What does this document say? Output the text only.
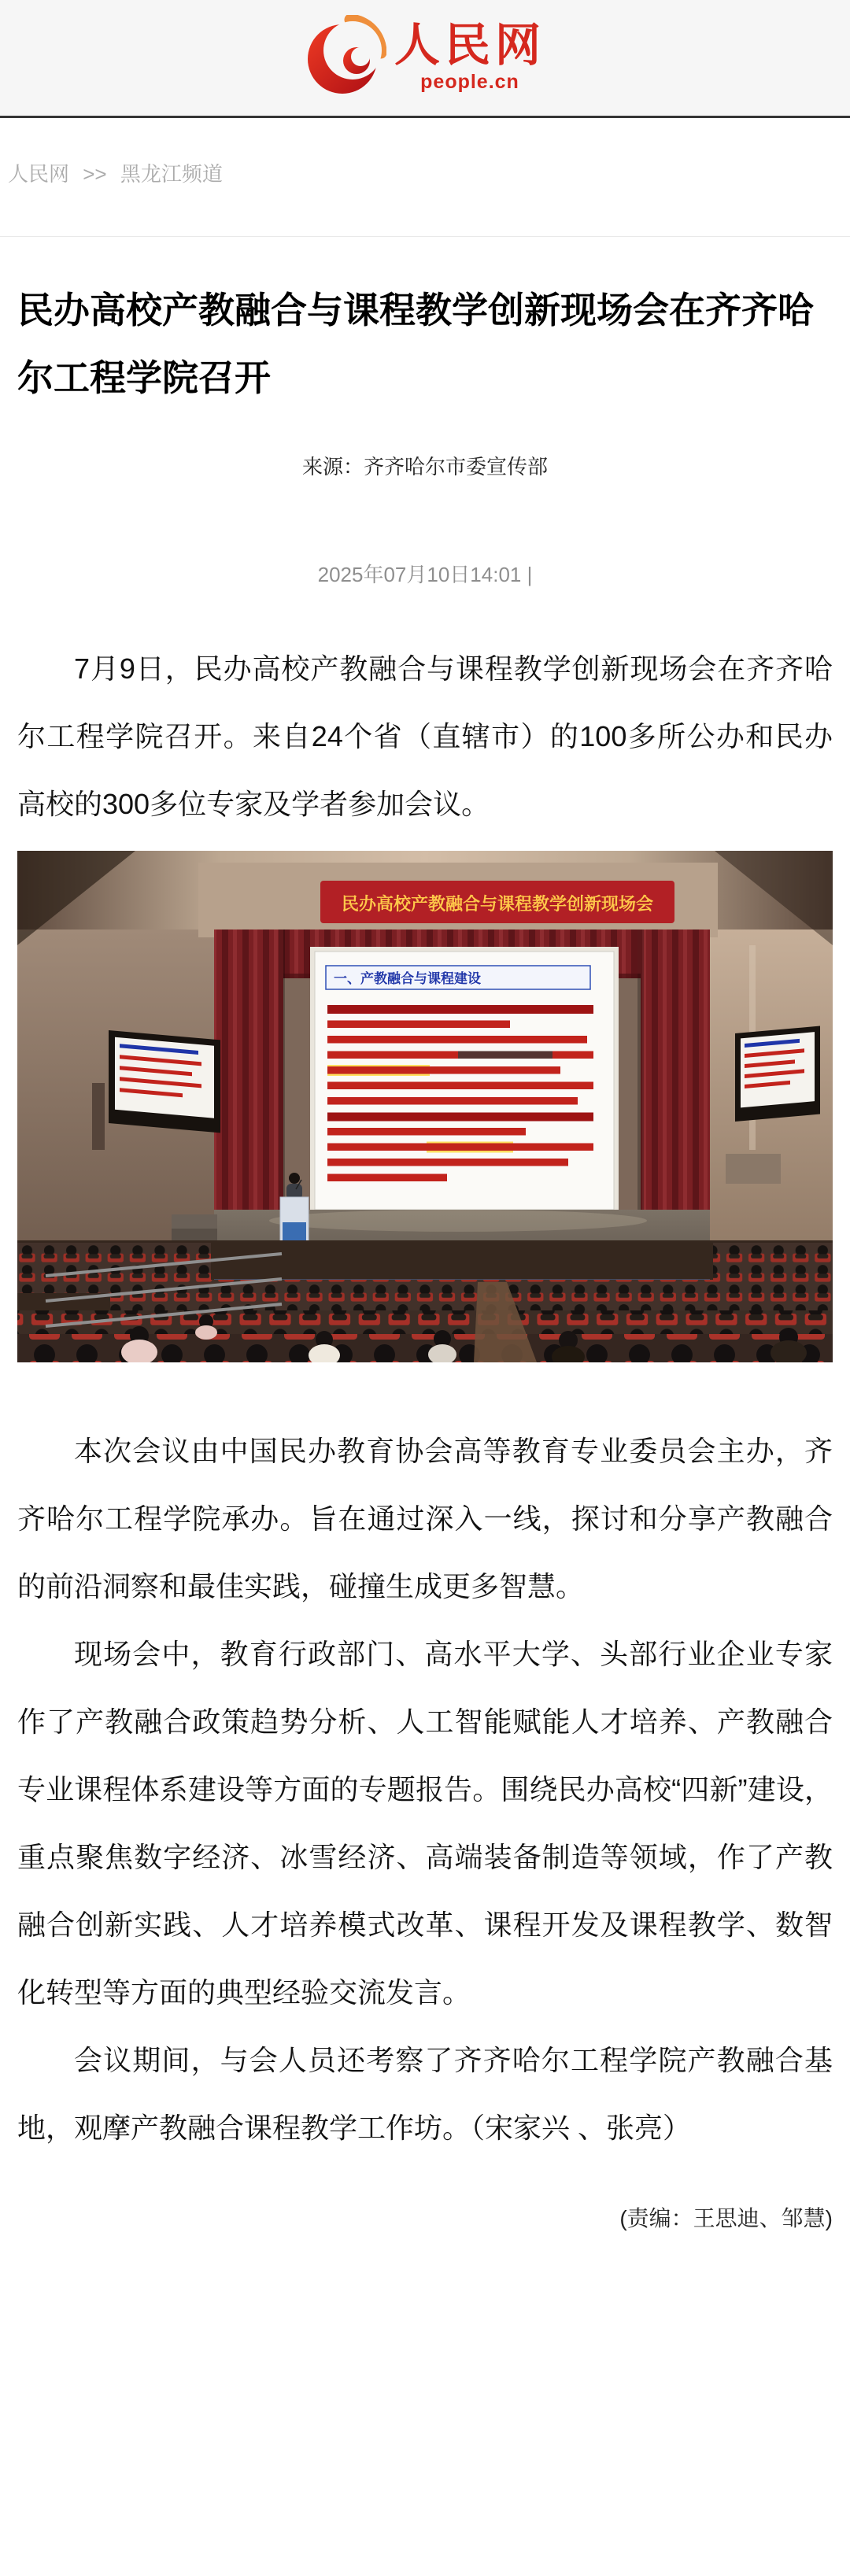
人民网
people.cn
人民网 >> 黑龙江频道
民办高校产教融合与课程教学创新现场会在齐齐哈尔工程学院召开
来源：齐齐哈尔市委宣传部
2025年07月10日14:01 |

7月9日，民办高校产教融合与课程教学创新现场会在齐齐哈尔工程学院召开。来自24个省（直辖市）的100多所公办和民办高校的300多位专家及学者参加会议。

民办高校产教融合与课程教学创新现场会
一、产教融合与课程建设

本次会议由中国民办教育协会高等教育专业委员会主办，齐齐哈尔工程学院承办。旨在通过深入一线，探讨和分享产教融合的前沿洞察和最佳实践，碰撞生成更多智慧。

现场会中，教育行政部门、高水平大学、头部行业企业专家作了产教融合政策趋势分析、人工智能赋能人才培养、产教融合专业课程体系建设等方面的专题报告。围绕民办高校“四新”建设，重点聚焦数字经济、冰雪经济、高端装备制造等领域，作了产教融合创新实践、人才培养模式改革、课程开发及课程教学、数智化转型等方面的典型经验交流发言。

会议期间，与会人员还考察了齐齐哈尔工程学院产教融合基地，观摩产教融合课程教学工作坊。（宋家兴 、张亮）

(责编：王思迪、邹慧)
